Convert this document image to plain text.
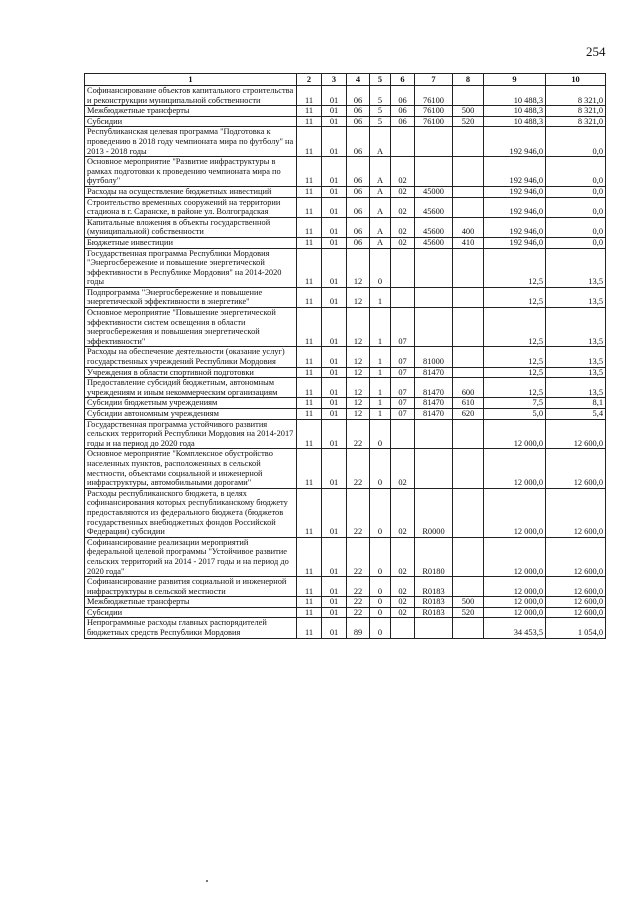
254
1	2	3	4	5	6	7	8	9	10
Софинансирование объектов капитального строительства и реконструкции муниципальной собственности	11	01	06	5	06	76100		10 488,3	8 321,0
Межбюджетные трансферты	11	01	06	5	06	76100	500	10 488,3	8 321,0
Субсидии	11	01	06	5	06	76100	520	10 488,3	8 321,0
Республиканская целевая программа "Подготовка к проведению в 2018 году чемпионата мира по футболу" на 2013 - 2018 годы	11	01	06	А				192 946,0	0,0
Основное мероприятие "Развитие инфраструктуры в рамках подготовки к проведению чемпионата мира по футболу"	11	01	06	А	02			192 946,0	0,0
Расходы на осуществление бюджетных инвестиций	11	01	06	А	02	45000		192 946,0	0,0
Строительство временных сооружений на территории стадиона в г. Саранске, в районе ул. Волгоградская	11	01	06	А	02	45600		192 946,0	0,0
Капитальные вложения в объекты государственной (муниципальной) собственности	11	01	06	А	02	45600	400	192 946,0	0,0
Бюджетные инвестиции	11	01	06	А	02	45600	410	192 946,0	0,0
Государственная программа Республики Мордовия "Энергосбережение и повышение энергетической эффективности в Республике Мордовия" на 2014-2020 годы	11	01	12	0				12,5	13,5
Подпрограмма "Энергосбережение и повышение энергетической эффективности в энергетике"	11	01	12	1				12,5	13,5
Основное мероприятие "Повышение энергетической эффективности систем освещения в области энергосбережения и повышения энергетической эффективности"	11	01	12	1	07			12,5	13,5
Расходы на обеспечение деятельности (оказание услуг) государственных учреждений Республики Мордовия	11	01	12	1	07	81000		12,5	13,5
Учреждения в области спортивной подготовки	11	01	12	1	07	81470		12,5	13,5
Предоставление субсидий бюджетным, автономным учреждениям и иным некоммерческим организациям	11	01	12	1	07	81470	600	12,5	13,5
Субсидии бюджетным учреждениям	11	01	12	1	07	81470	610	7,5	8,1
Субсидии автономным учреждениям	11	01	12	1	07	81470	620	5,0	5,4
Государственная программа устойчивого развития сельских территорий Республики Мордовия на 2014-2017 годы и на период до 2020 года	11	01	22	0				12 000,0	12 600,0
Основное мероприятие "Комплексное обустройство населенных пунктов, расположенных в сельской местности, объектами социальной и инженерной инфраструктуры, автомобильными дорогами"	11	01	22	0	02			12 000,0	12 600,0
Расходы республиканского бюджета, в целях софинансирования которых республиканскому бюджету предоставляются из федерального бюджета (бюджетов государственных внебюджетных фондов Российской Федерации) субсидии	11	01	22	0	02	R0000		12 000,0	12 600,0
Софинансирование реализации мероприятий федеральной целевой программы "Устойчивое развитие сельских территорий на 2014 - 2017 годы и на период до 2020 года"	11	01	22	0	02	R0180		12 000,0	12 600,0
Софинансирование развития социальной и инженерной инфраструктуры в сельской местности	11	01	22	0	02	R0183		12 000,0	12 600,0
Межбюджетные трансферты	11	01	22	0	02	R0183	500	12 000,0	12 600,0
Субсидии	11	01	22	0	02	R0183	520	12 000,0	12 600,0
Непрограммные расходы главных распорядителей бюджетных средств Республики Мордовия	11	01	89	0				34 453,5	1 054,0
